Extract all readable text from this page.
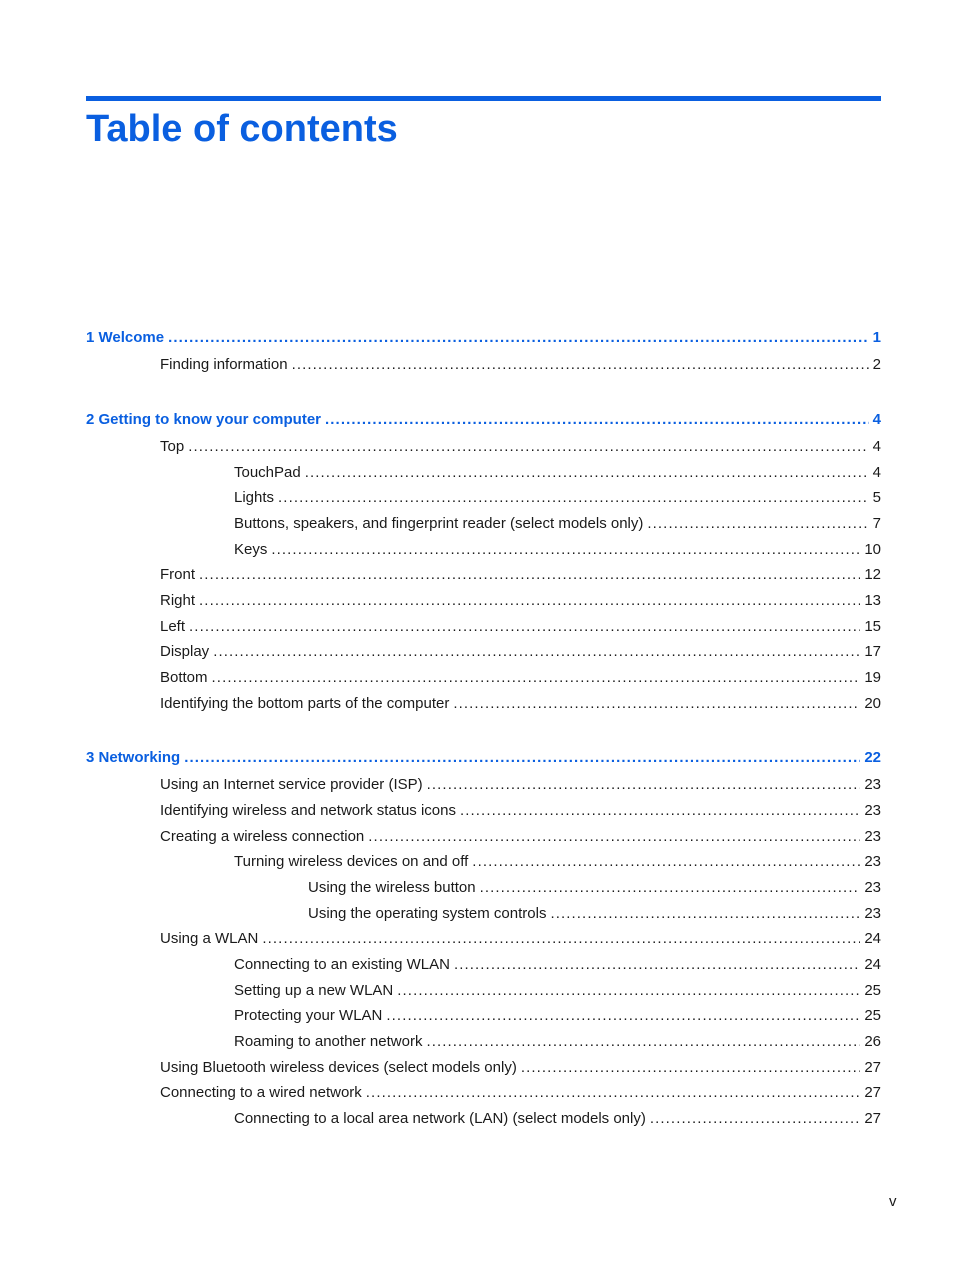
Table of contents
1 Welcome .....	1
Finding information .....	2
2 Getting to know your computer .....	4
Top .....	4
TouchPad .....	4
Lights .....	5
Buttons, speakers, and fingerprint reader (select models only) .....	7
Keys .....	10
Front .....	12
Right .....	13
Left .....	15
Display .....	17
Bottom .....	19
Identifying the bottom parts of the computer .....	20
3 Networking .....	22
Using an Internet service provider (ISP) .....	23
Identifying wireless and network status icons .....	23
Creating a wireless connection .....	23
Turning wireless devices on and off .....	23
Using the wireless button .....	23
Using the operating system controls .....	23
Using a WLAN .....	24
Connecting to an existing WLAN .....	24
Setting up a new WLAN .....	25
Protecting your WLAN .....	25
Roaming to another network .....	26
Using Bluetooth wireless devices (select models only) .....	27
Connecting to a wired network .....	27
Connecting to a local area network (LAN) (select models only) .....	27
v
